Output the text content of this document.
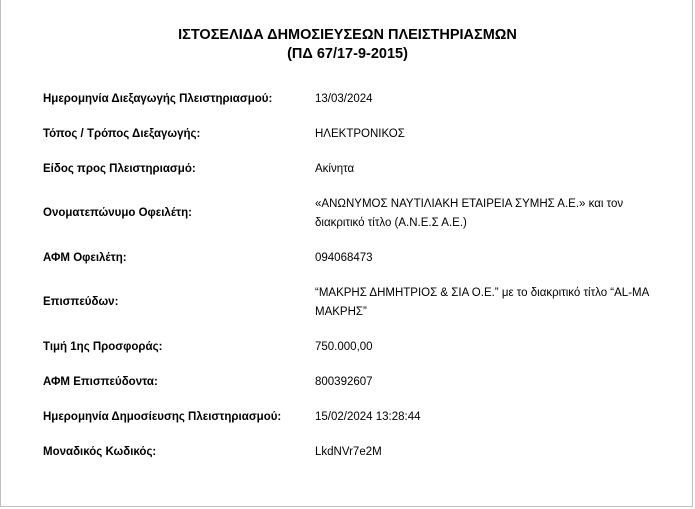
ΙΣΤΟΣΕΛΙΔΑ ΔΗΜΟΣΙΕΥΣΕΩΝ ΠΛΕΙΣΤΗΡΙΑΣΜΩΝ
(ΠΔ 67/17-9-2015)
Ημερομηνία Διεξαγωγής Πλειστηριασμού:	13/03/2024
Τόπος / Τρόπος Διεξαγωγής:	ΗΛΕΚΤΡΟΝΙΚΟΣ
Είδος προς Πλειστηριασμό:	Ακίνητα
Ονοματεπώνυμο Οφειλέτη:
«ΑΝΩΝΥΜΟΣ ΝΑΥΤΙΛΙΑΚΗ ΕΤΑΙΡΕΙΑ ΣΥΜΗΣ Α.Ε.» και τον διακριτικό τίτλο (Α.Ν.Ε.Σ Α.Ε.)
ΑΦΜ Οφειλέτη:	094068473
Επισπεύδων:
“ΜΑΚΡΗΣ ΔΗΜΗΤΡΙΟΣ & ΣΙΑ Ο.Ε.” με το διακριτικό τίτλο “AL-MA ΜΑΚΡΗΣ”
Τιμή 1ης Προσφοράς:	750.000,00
ΑΦΜ Επισπεύδοντα:	800392607
Ημερομηνία Δημοσίευσης Πλειστηριασμού:	15/02/2024 13:28:44
Μοναδικός Κωδικός:	LkdNVr7e2M
